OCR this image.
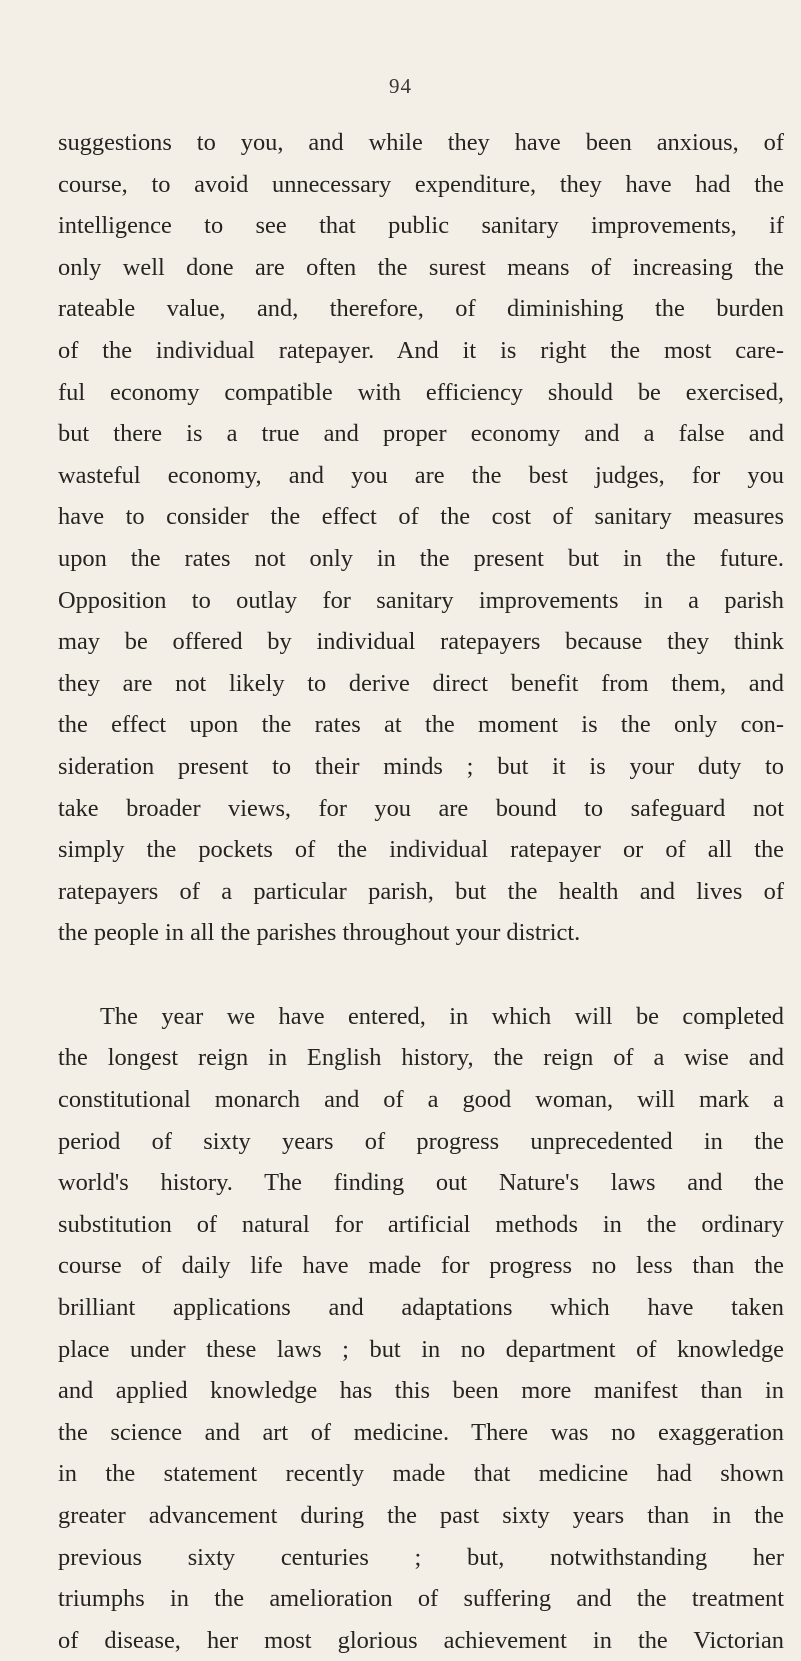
94

suggestions to you, and while they have been anxious, of
course, to avoid unnecessary expenditure, they have had the
intelligence to see that public sanitary improvements, if
only well done are often the surest means of increasing the
rateable value, and, therefore, of diminishing the burden
of the individual ratepayer. And it is right the most care-
ful economy compatible with efficiency should be exercised,
but there is a true and proper economy and a false and
wasteful economy, and you are the best judges, for you
have to consider the effect of the cost of sanitary measures
upon the rates not only in the present but in the future.
Opposition to outlay for sanitary improvements in a parish
may be offered by individual ratepayers because they think
they are not likely to derive direct benefit from them, and
the effect upon the rates at the moment is the only con-
sideration present to their minds ; but it is your duty to
take broader views, for you are bound to safeguard not
simply the pockets of the individual ratepayer or of all the
ratepayers of a particular parish, but the health and lives of
the people in all the parishes throughout your district.

The year we have entered, in which will be completed
the longest reign in English history, the reign of a wise and
constitutional monarch and of a good woman, will mark a
period of sixty years of progress unprecedented in the
world's history. The finding out Nature's laws and the
substitution of natural for artificial methods in the ordinary
course of daily life have made for progress no less than the
brilliant applications and adaptations which have taken
place under these laws ; but in no department of knowledge
and applied knowledge has this been more manifest than in
the science and art of medicine. There was no exaggeration
in the statement recently made that medicine had shown
greater advancement during the past sixty years than in the
previous sixty centuries ; but, notwithstanding her
triumphs in the amelioration of suffering and the treatment
of disease, her most glorious achievement in the Victorian
